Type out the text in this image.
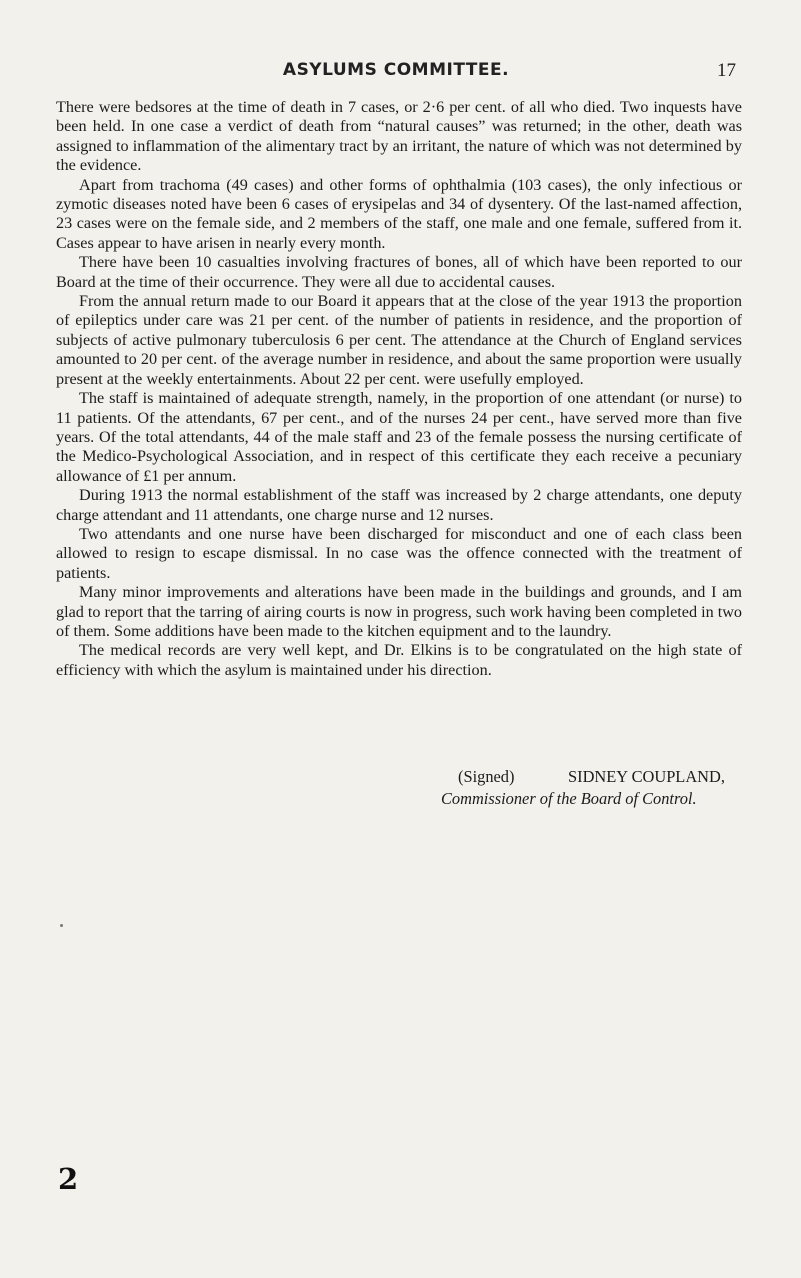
ASYLUMS COMMITTEE.	17

There were bedsores at the time of death in 7 cases, or 2·6 per cent. of all who died. Two inquests have been held. In one case a verdict of death from “natural causes” was returned; in the other, death was assigned to inflammation of the alimentary tract by an irritant, the nature of which was not determined by the evidence.

Apart from trachoma (49 cases) and other forms of ophthalmia (103 cases), the only infectious or zymotic diseases noted have been 6 cases of erysipelas and 34 of dysentery. Of the last-named affection, 23 cases were on the female side, and 2 members of the staff, one male and one female, suffered from it. Cases appear to have arisen in nearly every month.

There have been 10 casualties involving fractures of bones, all of which have been reported to our Board at the time of their occurrence. They were all due to accidental causes.

From the annual return made to our Board it appears that at the close of the year 1913 the proportion of epileptics under care was 21 per cent. of the number of patients in residence, and the proportion of subjects of active pulmonary tuberculosis 6 per cent. The attendance at the Church of England services amounted to 20 per cent. of the average number in residence, and about the same proportion were usually present at the weekly entertainments. About 22 per cent. were usefully employed.

The staff is maintained of adequate strength, namely, in the proportion of one attendant (or nurse) to 11 patients. Of the attendants, 67 per cent., and of the nurses 24 per cent., have served more than five years. Of the total attendants, 44 of the male staff and 23 of the female possess the nursing certificate of the Medico-Psychological Association, and in respect of this certificate they each receive a pecuniary allowance of £1 per annum.

During 1913 the normal establishment of the staff was increased by 2 charge attendants, one deputy charge attendant and 11 attendants, one charge nurse and 12 nurses.

Two attendants and one nurse have been discharged for misconduct and one of each class been allowed to resign to escape dismissal. In no case was the offence connected with the treatment of patients.

Many minor improvements and alterations have been made in the buildings and grounds, and I am glad to report that the tarring of airing courts is now in progress, such work having been completed in two of them. Some additions have been made to the kitchen equipment and to the laundry.

The medical records are very well kept, and Dr. Elkins is to be congratulated on the high state of efficiency with which the asylum is maintained under his direction.

(Signed)	SIDNEY COUPLAND,
Commissioner of the Board of Control.
2
